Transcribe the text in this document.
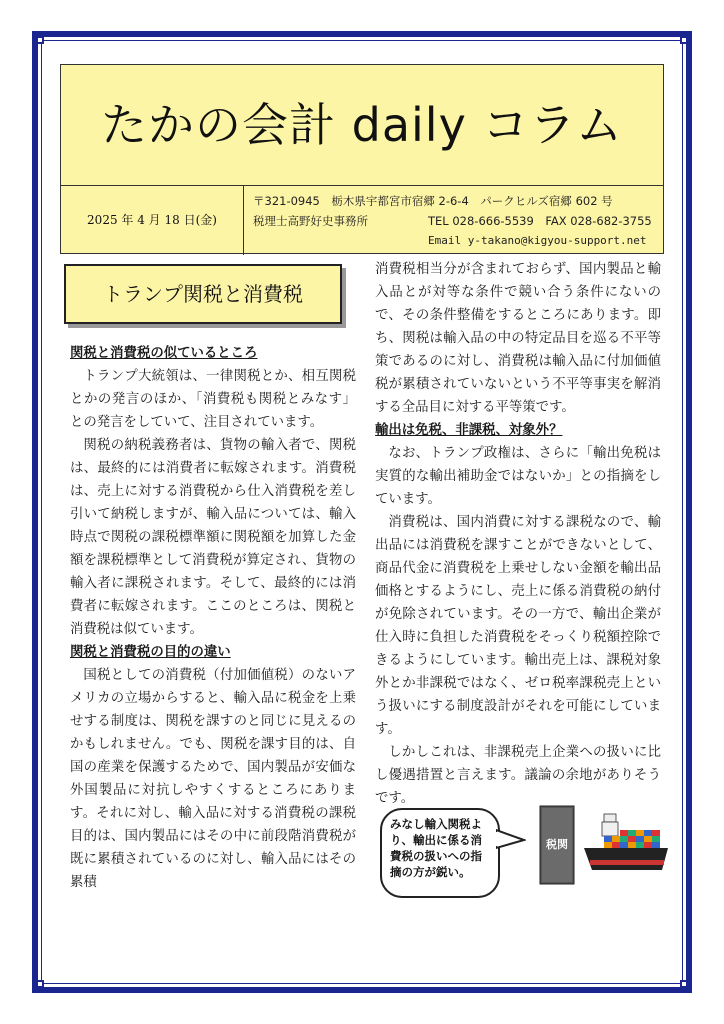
たかの会計 daily コラム
2025 年 4 月 18 日(金)
〒321-0945　栃木県宇都宮市宿郷 2-6-4　パークヒルズ宿郷 602 号
税理士高野好史事務所	TEL 028-666-5539　FAX 028-682-3755
Email y-takano@kigyou-support.net
トランプ関税と消費税
関税と消費税の似ているところ

トランプ大統領は、一律関税とか、相互関税とかの発言のほか、「消費税も関税とみなす」との発言をしていて、注目されています。

関税の納税義務者は、貨物の輸入者で、関税は、最終的には消費者に転嫁されます。消費税は、売上に対する消費税から仕入消費税を差し引いて納税しますが、輸入品については、輸入時点で関税の課税標準額に関税額を加算した金額を課税標準として消費税が算定され、貨物の輸入者に課税されます。そして、最終的には消費者に転嫁されます。ここのところは、関税と消費税は似ています。

関税と消費税の目的の違い

国税としての消費税（付加価値税）のないアメリカの立場からすると、輸入品に税金を上乗せする制度は、関税を課すのと同じに見えるのかもしれません。でも、関税を課す目的は、自国の産業を保護するためで、国内製品が安価な外国製品に対抗しやすくするところにあります。それに対し、輸入品に対する消費税の課税目的は、国内製品にはその中に前段階消費税が既に累積されているのに対し、輸入品にはその累積

消費税相当分が含まれておらず、国内製品と輸入品とが対等な条件で競い合う条件にないので、その条件整備をするところにあります。即ち、関税は輸入品の中の特定品目を巡る不平等策であるのに対し、消費税は輸入品に付加価値税が累積されていないという不平等事実を解消する全品目に対する平等策です。

輸出は免税、非課税、対象外？

なお、トランプ政権は、さらに「輸出免税は実質的な輸出補助金ではないか」との指摘をしています。

消費税は、国内消費に対する課税なので、輸出品には消費税を課すことができないとして、商品代金に消費税を上乗せしない金額を輸出品価格とするようにし、売上に係る消費税の納付が免除されています。その一方で、輸出企業が仕入時に負担した消費税をそっくり税額控除できるようにしています。輸出売上は、課税対象外とか非課税ではなく、ゼロ税率課税売上という扱いにする制度設計がそれを可能にしています。

しかしこれは、非課税売上企業への扱いに比し優遇措置と言えます。議論の余地がありそうです。

みなし輸入関税より、輸出に係る消費税の扱いへの指摘の方が鋭い。
税関
